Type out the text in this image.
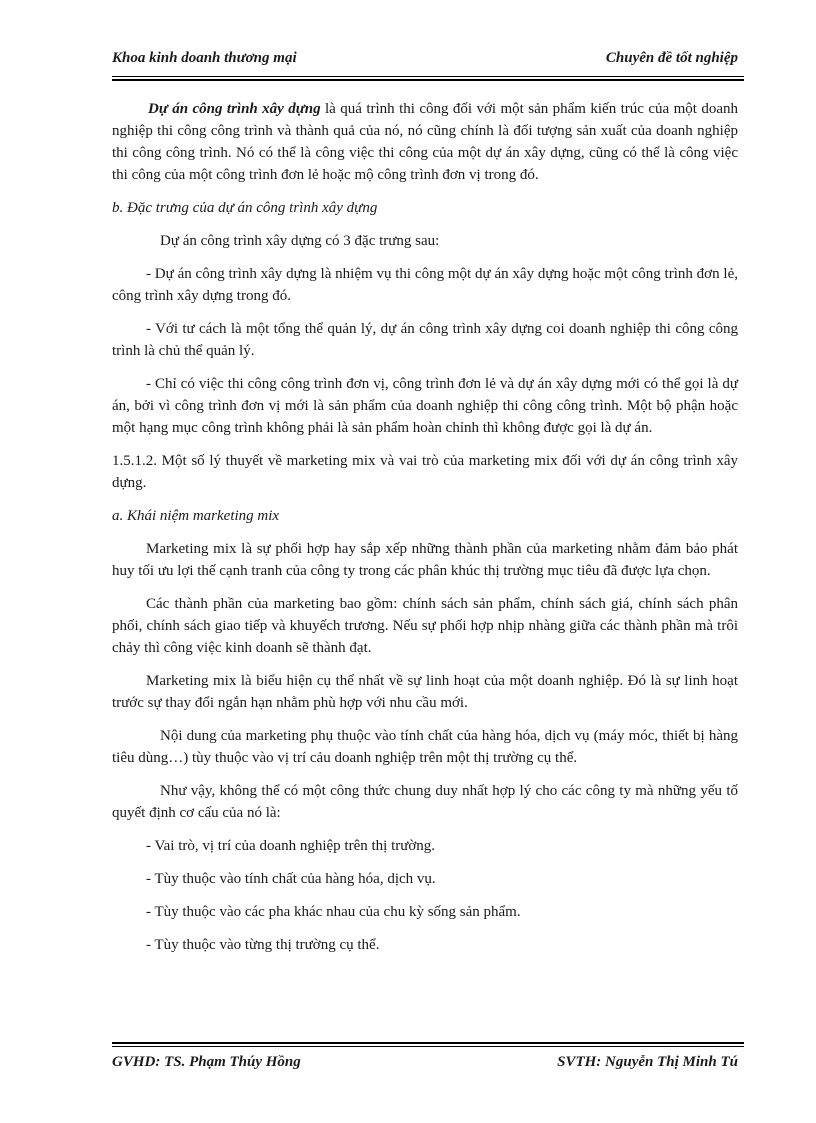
Khoa kinh doanh thương mại	Chuyên đề tốt nghiệp

Dự án công trình xây dựng là quá trình thi công đối với một sản phẩm kiến trúc của một doanh nghiệp thi công công trình và thành quả của nó, nó cũng chính là đối tượng sản xuất của doanh nghiệp thi công công trình. Nó có thể là công việc thi công của một dự án xây dựng, cũng có thể là công việc thi công của một công trình đơn lẻ hoặc mộ công trình đơn vị trong đó.

b. Đặc trưng của dự án công trình xây dựng

Dự án công trình xây dựng có 3 đặc trưng sau:

- Dự án công trình xây dựng là nhiệm vụ thi công một dự án xây dựng hoặc một công trình đơn lẻ, công trình xây dựng trong đó.

- Với tư cách là một tổng thể quản lý, dự án công trình xây dựng coi doanh nghiệp thi công công trình là chủ thể quản lý.

- Chỉ có việc thi công công trình đơn vị, công trình đơn lẻ và dự án xây dựng mới có thể gọi là dự án, bởi vì công trình đơn vị mới là sản phẩm của doanh nghiệp thi công công trình. Một bộ phận hoặc một hạng mục công trình không phải là sản phẩm hoàn chỉnh thì không được gọi là dự án.

1.5.1.2. Một số lý thuyết về marketing mix và vai trò của marketing mix đối với dự án công trình xây dựng.

a. Khái niệm marketing mix

Marketing mix là sự phối hợp hay sắp xếp những thành phần của marketing nhằm đảm bảo phát huy tối ưu lợi thế cạnh tranh của công ty trong các phân khúc thị trường mục tiêu đã được lựa chọn.

Các thành phần của marketing bao gồm: chính sách sản phẩm, chính sách giá, chính sách phân phối, chính sách giao tiếp và khuyếch trương. Nếu sự phối hợp nhịp nhàng giữa các thành phần mà trôi chảy thì công việc kinh doanh sẽ thành đạt.

Marketing mix là biểu hiện cụ thể nhất về sự linh hoạt của một doanh nghiệp. Đó là sự linh hoạt trước sự thay đổi ngắn hạn nhằm phù hợp với nhu cầu mới.

Nội dung của marketing phụ thuộc vào tính chất của hàng hóa, dịch vụ (máy móc, thiết bị hàng tiêu dùng…) tùy thuộc vào vị trí cảu doanh nghiệp trên một thị trường cụ thể.

Như vậy, không thể có một công thức chung duy nhất hợp lý cho các công ty mà những yếu tố quyết định cơ cấu của nó là:

- Vai trò, vị trí của doanh nghiệp trên thị trường.

- Tùy thuộc vào tính chất của hàng hóa, dịch vụ.

- Tùy thuộc vào các pha khác nhau của chu kỳ sống sản phẩm.

- Tùy thuộc vào từng thị trường cụ thể.

GVHD: TS. Phạm Thúy Hồng	SVTH: Nguyễn Thị Minh Tú
